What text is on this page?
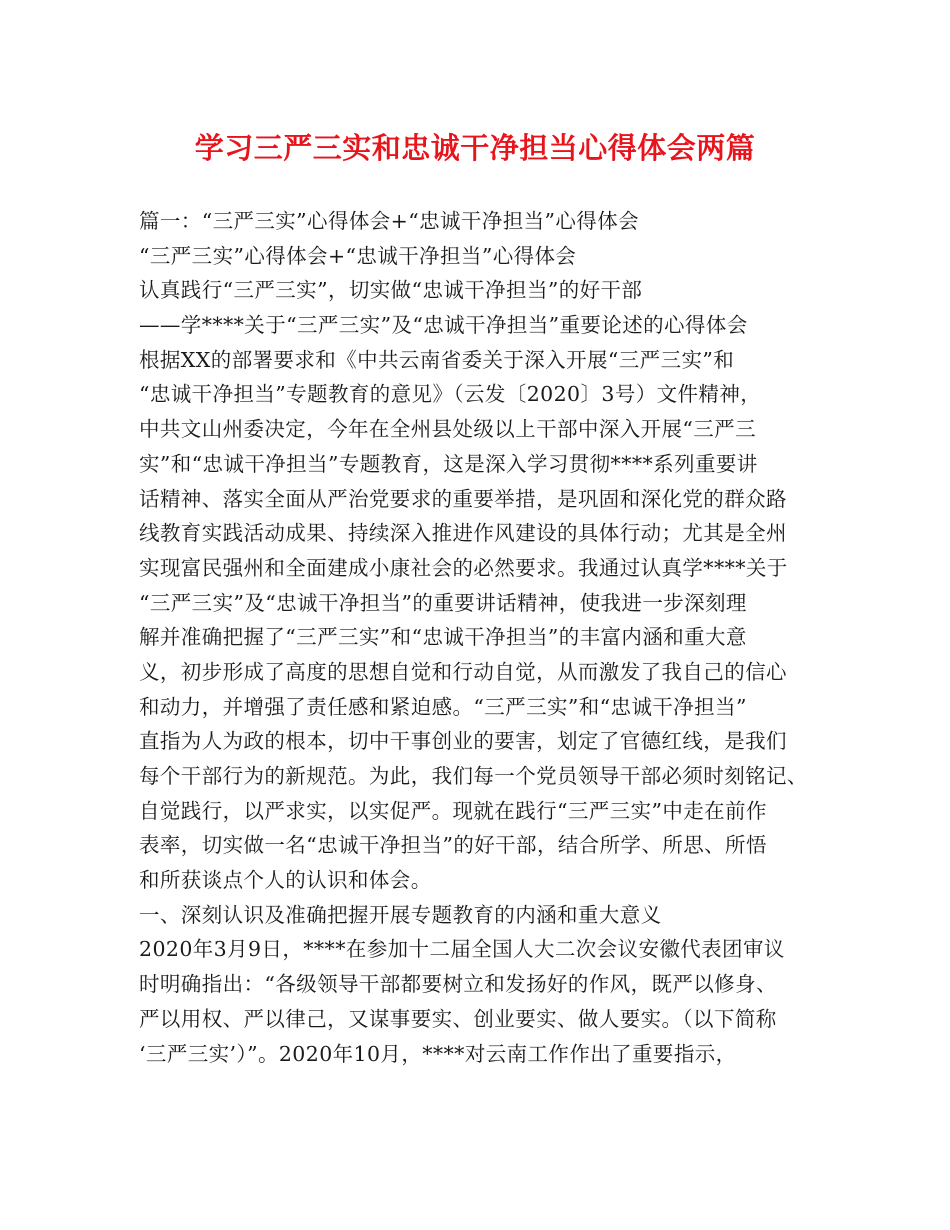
学习三严三实和忠诚干净担当心得体会两篇
篇一：“三严三实”心得体会+“忠诚干净担当”心得体会
“三严三实”心得体会+“忠诚干净担当”心得体会
认真践行“三严三实”，切实做“忠诚干净担当”的好干部
——学****关于“三严三实”及“忠诚干净担当”重要论述的心得体会
根据XX的部署要求和《中共云南省委关于深入开展“三严三实”和
“忠诚干净担当”专题教育的意见》（云发〔2020〕3号）文件精神，
中共文山州委决定，今年在全州县处级以上干部中深入开展“三严三
实”和“忠诚干净担当”专题教育，这是深入学习贯彻****系列重要讲
话精神、落实全面从严治党要求的重要举措，是巩固和深化党的群众路
线教育实践活动成果、持续深入推进作风建设的具体行动；尤其是全州
实现富民强州和全面建成小康社会的必然要求。我通过认真学****关于
“三严三实”及“忠诚干净担当”的重要讲话精神，使我进一步深刻理
解并准确把握了“三严三实”和“忠诚干净担当”的丰富内涵和重大意
义，初步形成了高度的思想自觉和行动自觉，从而激发了我自己的信心
和动力，并增强了责任感和紧迫感。“三严三实”和“忠诚干净担当”
直指为人为政的根本，切中干事创业的要害，划定了官德红线，是我们
每个干部行为的新规范。为此，我们每一个党员领导干部必须时刻铭记、
自觉践行，以严求实，以实促严。现就在践行“三严三实”中走在前作
表率，切实做一名“忠诚干净担当”的好干部，结合所学、所思、所悟
和所获谈点个人的认识和体会。
一、深刻认识及准确把握开展专题教育的内涵和重大意义
2020年3月9日，****在参加十二届全国人大二次会议安徽代表团审议
时明确指出：“各级领导干部都要树立和发扬好的作风，既严以修身、
严以用权、严以律己，又谋事要实、创业要实、做人要实。（以下简称
‘三严三实’）”。2020年10月，****对云南工作作出了重要指示，
